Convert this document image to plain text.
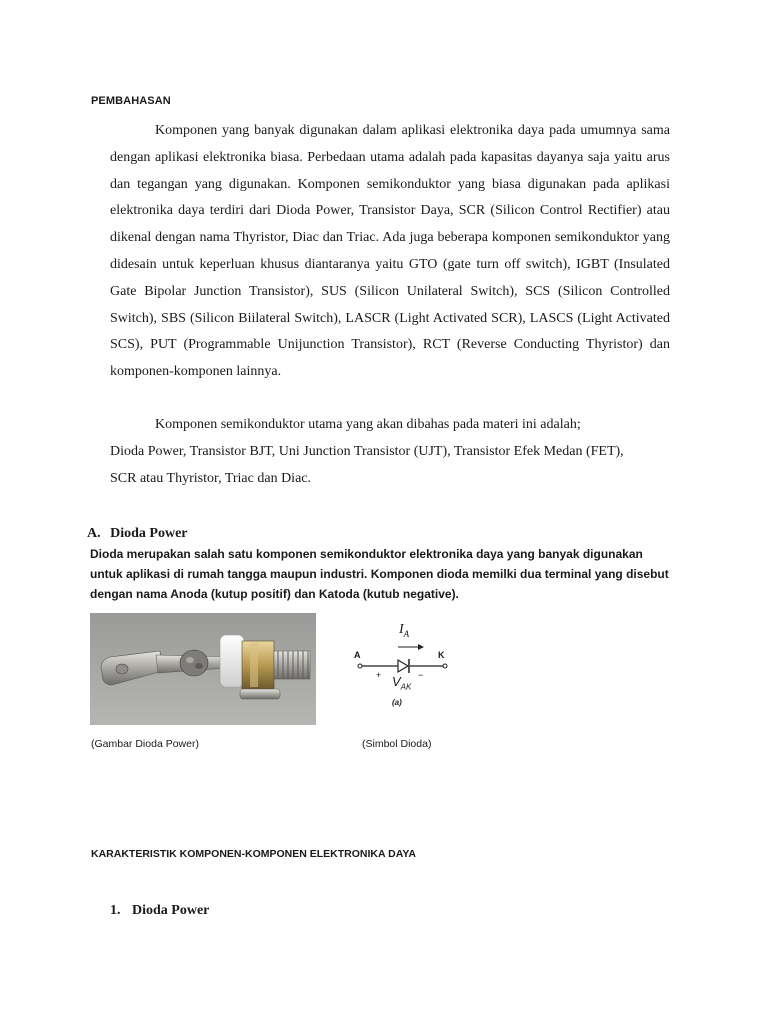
PEMBAHASAN

Komponen yang banyak digunakan dalam aplikasi elektronika daya pada umumnya sama dengan aplikasi elektronika biasa. Perbedaan utama adalah pada kapasitas dayanya saja yaitu arus dan tegangan yang digunakan. Komponen semikonduktor yang biasa digunakan pada aplikasi elektronika daya terdiri dari Dioda Power, Transistor Daya, SCR (Silicon Control Rectifier) atau dikenal dengan nama Thyristor, Diac dan Triac. Ada juga beberapa komponen semikonduktor yang didesain untuk keperluan khusus diantaranya yaitu GTO (gate turn off switch), IGBT (Insulated Gate Bipolar Junction Transistor), SUS (Silicon Unilateral Switch), SCS (Silicon Controlled Switch), SBS (Silicon Biilateral Switch), LASCR (Light Activated SCR), LASCS (Light Activated SCS), PUT (Programmable Unijunction Transistor), RCT (Reverse Conducting Thyristor) dan komponen-komponen lainnya.

Komponen semikonduktor utama yang akan dibahas pada materi ini adalah;

Dioda Power, Transistor BJT, Uni Junction Transistor (UJT), Transistor Efek Medan (FET),
SCR atau Thyristor, Triac dan Diac.
A. Dioda Power
Dioda merupakan salah satu komponen semikonduktor elektronika daya yang banyak digunakan untuk aplikasi di rumah tangga maupun industri. Komponen dioda memilki dua terminal yang disebut dengan nama Anoda (kutup positif) dan Katoda (kutub negative).
$I_A$
A	K
+	−
$V_{AK}$
(a)
(Gambar Dioda Power)	(Simbol Dioda)
KARAKTERISTIK KOMPONEN-KOMPONEN ELEKTRONIKA DAYA
1. Dioda Power
